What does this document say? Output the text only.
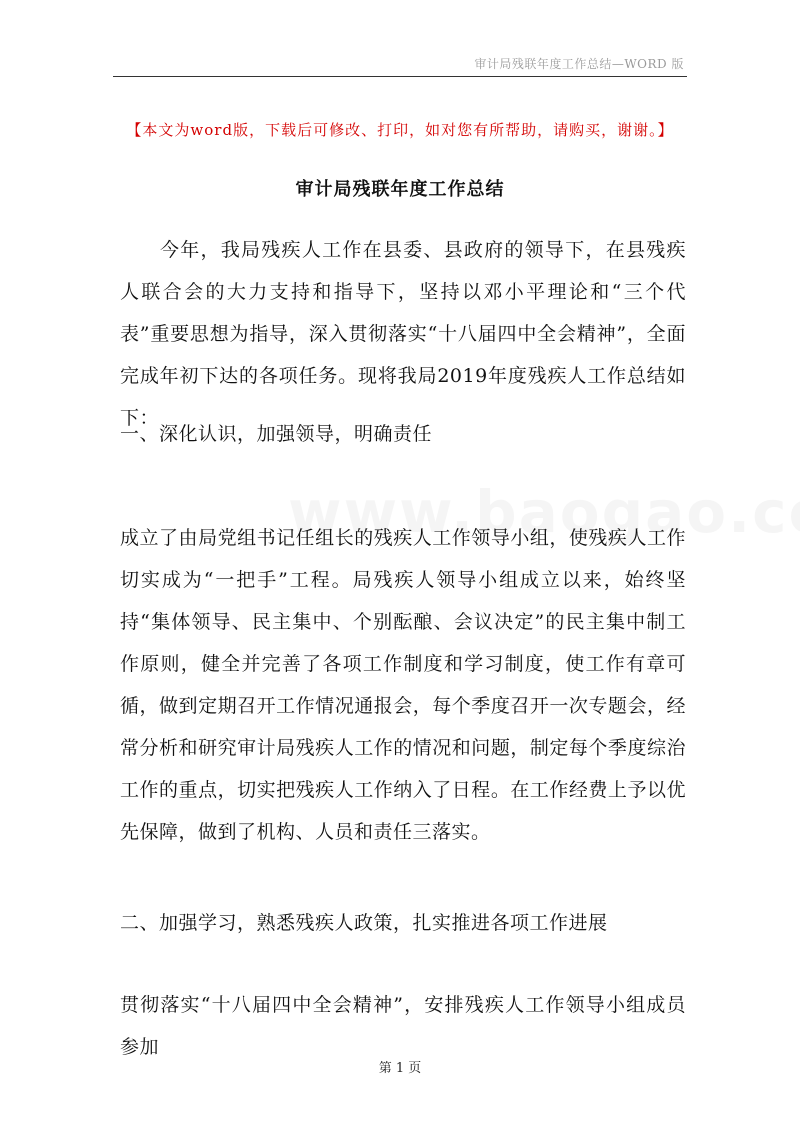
审计局残联年度工作总结—WORD 版
【本文为word版，下载后可修改、打印，如对您有所帮助，请购买，谢谢。】
审计局残联年度工作总结

今年，我局残疾人工作在县委、县政府的领导下，在县残疾人联合会的大力支持和指导下，坚持以邓小平理论和“三个代表”重要思想为指导，深入贯彻落实“十八届四中全会精神”，全面完成年初下达的各项任务。现将我局2019年度残疾人工作总结如下：

一、深化认识，加强领导，明确责任

成立了由局党组书记任组长的残疾人工作领导小组，使残疾人工作切实成为“一把手”工程。局残疾人领导小组成立以来，始终坚持“集体领导、民主集中、个别酝酿、会议决定”的民主集中制工作原则，健全并完善了各项工作制度和学习制度，使工作有章可循，做到定期召开工作情况通报会，每个季度召开一次专题会，经常分析和研究审计局残疾人工作的情况和问题，制定每个季度综治工作的重点，切实把残疾人工作纳入了日程。在工作经费上予以优先保障，做到了机构、人员和责任三落实。

二、加强学习，熟悉残疾人政策，扎实推进各项工作进展

贯彻落实“十八届四中全会精神”，安排残疾人工作领导小组成员参加

第 1 页
